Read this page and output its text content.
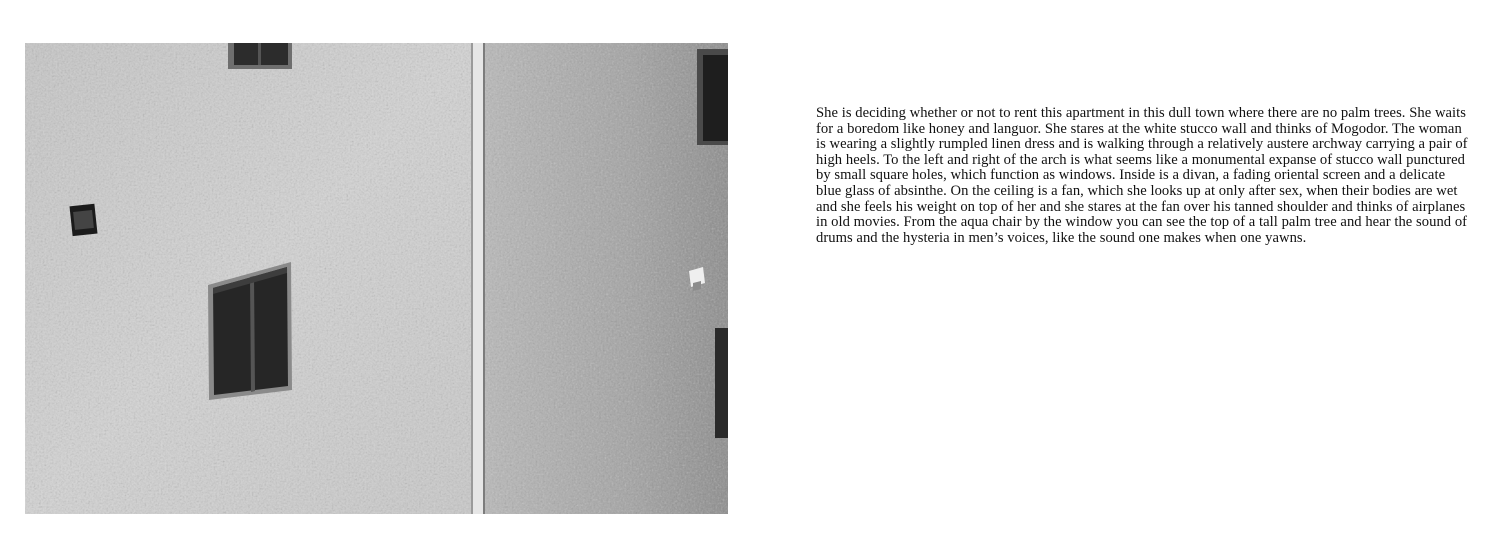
She is deciding whether or not to rent this apartment in this dull town where there are no palm trees. She waits for a boredom like honey and languor. She stares at the white stucco wall and thinks of Mogodor. The woman is wearing a slightly rumpled linen dress and is walking through a relatively austere archway carrying a pair of high heels. To the left and right of the arch is what seems like a monumental expanse of stucco wall punctured by small square holes, which function as windows. Inside is a divan, a fading oriental screen and a delicate blue glass of absinthe. On the ceiling is a fan, which she looks up at only after sex, when their bodies are wet and she feels his weight on top of her and she stares at the fan over his tanned shoulder and thinks of airplanes in old movies. From the aqua chair by the window you can see the top of a tall palm tree and hear the sound of drums and the hysteria in men’s voices, like the sound one makes when one yawns.
